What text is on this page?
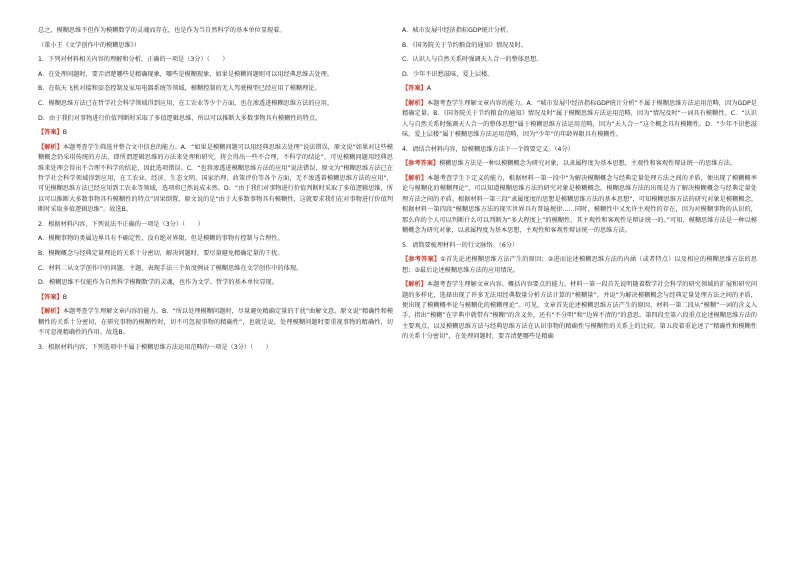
总之，模糊思维不但作为模糊数学的灵魂而存在，也是作为当自然科学的基本单位显现着。

（董小王《文学创作中的模糊思维》）

1．下列对材料相关内容的理解和分析，正确的一项是（3分）（　　）

A．在处理问题时，要弄清楚哪些是精确现象，哪些是模糊现象，如果是模糊问题则可以用经典思维去处理。

B．在航天飞机对接和姿态控制及家用电器系统等领域，模糊控制的无人驾驶模型已经应用了模糊理论。

C．模糊思维方法已在哲学社会科学领域得到应用，在工农业等少个方面，也在渗透进模糊思维方法的应用。

D．由于我们对事物进行价值判断时采取了多值逻辑思维，所以可以推断大多数事物具有模糊性的特点。

【答案】B

【解析】本题考查学生筛选并整合文中信息的能力。A．“如果是模糊问题可以用经典思维去处理”说法错误，原文说“如果对这些模糊概念仍采用传统的方法，即所谓逻辑思维的方法来处理和研究，将会得出一些不合理，不科学的结论”，可见模糊问题用经典思维来处理会得出不合理不科学的结论，因此选项错误。C．“也将渗透进模糊思维方法的应用”说法错误，原文为“模糊思维方法已在哲学社会科学领域得到应用，在工农业、经济、生态文明、国家治理、政策评价等各个方面，无不渗透着模糊思维方法的应用”，可见模糊思维方法已经应用到工农业等领域，选项将已然说成未然。D．“由于我们对事物进行价值判断时采取了多值逻辑思维，所以可以推断大多数事物具有模糊性的特点”因果倒置，原文说的是“由于大多数事物具有模糊性，这就要求我们在对事物进行价值判断时采取多值逻辑思维”。故选B。

2．根据材料内容，下列说法不正确的一项是（3分）（　　）

A．模糊事物的类属边界具有不确定性，没有绝对界限，但是模糊的事物有控制与合理性。

B．模糊概念与经典定量理论的关系十分密切，解决问题时，要尽量避免精确定量的干扰。

C．材料二从文学创作中的问题、主题、表现手法三个角度例证了模糊思维在文学创作中的体现。

D．模糊思维不仅能作为自然科学模糊数学的灵魂，也作为文学、哲学的基本单位显现。

【答案】B

【解析】本题考查学生理解文章内容的能力。B．“所以处理模糊问题时，尽量避免精确定量的干扰”曲解文意，原文说“精确性和模糊性的关系十分密切，在研究事物的模糊性时，切不可忽视事物的精确性”，也就是说，处理模糊问题时要重视事物的精确性，切不可忽视精确性的作用。故选B。

3．根据材料内容，下列选项中不属于模糊思维方法运用范畴的一项是（3分）（　　）

A．城市发展中经济指标GDP统计分析。

B．《国务院关于节约粮食的通知》情况及时。

C．认识人与自然关系时强调天人合一的整体思想。

D．少年不识愁滋味，爱上层楼。

【答案】A

【解析】本题考查学生理解文章内容的能力。A．“城市发展中经济指标GDP统计分析”不属于模糊思维方法运用范畴，因为GDP是精确定量。B．《国务院关于节约粮食的通知》情况及时”属于模糊思维方法运用范畴，因为“情况及时”一词具有模糊性。C．“认识人与自然关系时强调天人合一的整体思想”属于模糊思维方法运用范畴，因为“天人合一”这个概念具有模糊性。D．“少年不识愁滋味，爱上层楼”属于模糊思维方法运用范畴，因为“少年”的年龄界限具有模糊性。

4．请结合材料内容，给模糊思维方法下一个简要定义。（4分）

【参考答案】模糊思维方法是一种以模糊概念为研究对象，以隶属程度为基本思想，主观性和客观性辩证统一的思维方法。

【解析】本题考查学生下定义的能力，根据材料一第一段中“为解决模糊概念与经典定量处理方法之间的矛盾，便出现了模糊概率论与模糊化的模糊理论”，可以知道模糊思维方法的研究对象是模糊概念，模糊思维方法的出现是为了解决模糊概念与经典定量处理方法之间的矛盾。根据材料一第三段“隶属度度的思想是模糊思维方法的基本思想”，可知模糊思维方法的研究对象是模糊概念。根据材料一第四段“模糊思维方法的现实世界具有普遍规律……同时，模糊性中又允许主观性的存在，因为对模糊事物的认识的，那么你的个人可以判断什么可以判断为“多大程度上”的模糊性，其主观性和客观性是辩证统一的。”可知，模糊思维方法是一种以模糊概念为研究对象，以隶属程度为基本思想，主观性和客观性辩证统一的思维方法。

5．请简要梳理材料一的行文脉络。（6分）

【参考答案】①首先论述模糊思维方法产生的原因；②进而论述模糊思维方法的内涵（或者特点）以及相应的模糊思维方法的思想；③最后论述模糊思维方法的应用情况。

【解析】本题考查学生理解文章内容、概括内容要点的能力。材料一第一段首先说明随着数学社会科学的研究领域的扩展和研究问题的多样化，选择出现了许多无法用经典数量分析方法计算的“模糊量”，并说“为解决模糊概念与经典定量处理方法之间的矛盾，便出现了模糊概率论与模糊化的模糊理论”。可见，文章首先论述模糊思维方法产生的原因，材料一第二段从“模糊”一词的含义入手，指出“模糊”在字典中就带有“模糊”的含义外，还有“不分明”和“边界不清的”的意思。第四段至第六段重点论述模糊思维方法的主要观点，以及模糊思维方法与经典思维方法在认识事物的精确性与模糊性的关系上的比较。第五段着重论述了“精确性和模糊性的关系十分密切”，在处理问题时，要弄清楚哪些是精确
